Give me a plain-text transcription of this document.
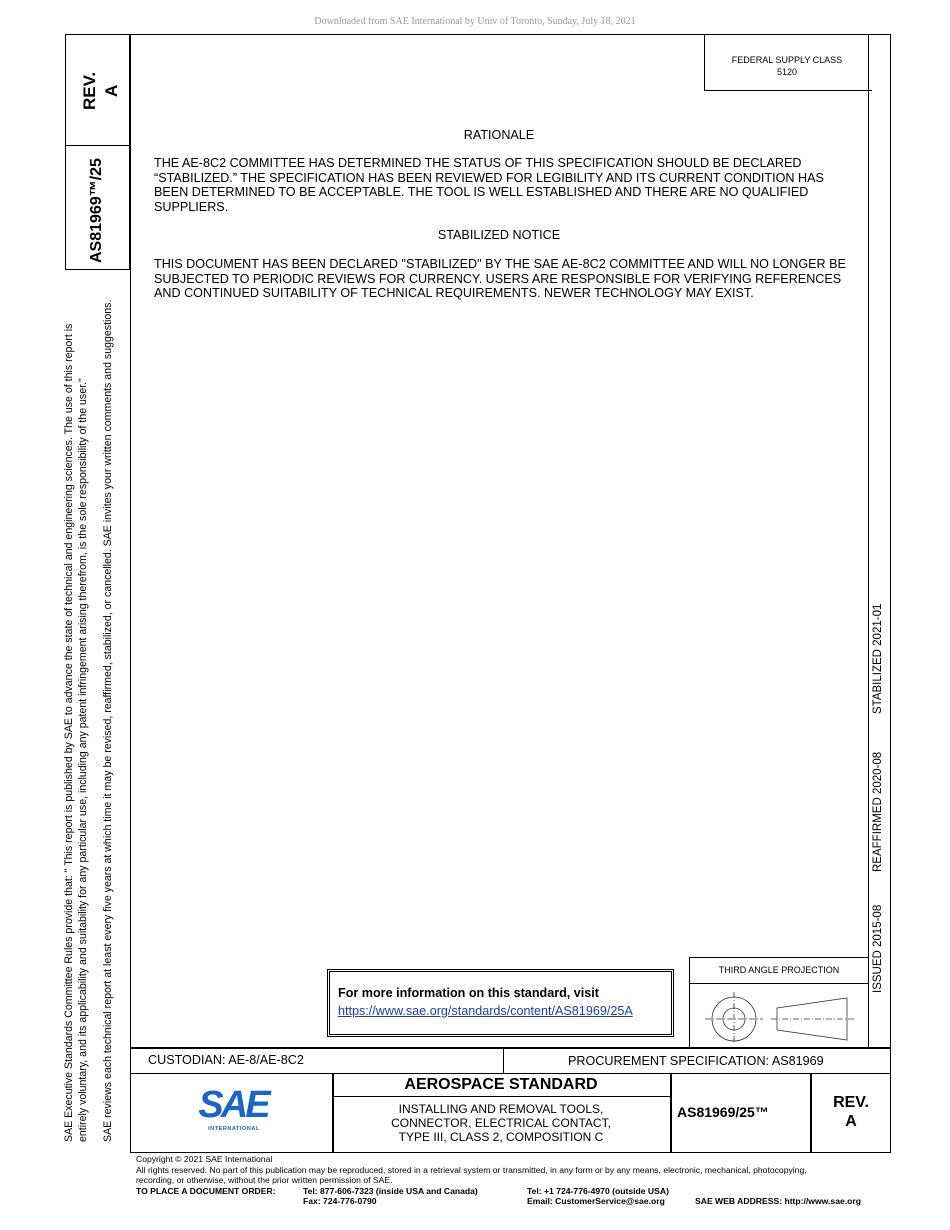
Downloaded from SAE International by Univ of Toronto, Sunday, July 18, 2021
REV. A
AS81969™/25
SAE Executive Standards Committee Rules provide that: " This report is published by SAE to advance the state of technical and engineering sciences. The use of this report is entirely voluntary, and its applicability and suitability for any particular use, including any patent infringement arising therefrom, is the sole responsibility of the user." SAE reviews each technical report at least every five years at which time it may be revised, reaffirmed, stabilized, or cancelled. SAE invites your written comments and suggestions.
FEDERAL SUPPLY CLASS
5120
ISSUED 2015-08
REAFFIRMED 2020-08
STABILIZED 2021-01
RATIONALE
THE AE-8C2 COMMITTEE HAS DETERMINED THE STATUS OF THIS SPECIFICATION SHOULD BE DECLARED
“STABILIZED.” THE SPECIFICATION HAS BEEN REVIEWED FOR LEGIBILITY AND ITS CURRENT CONDITION HAS
BEEN DETERMINED TO BE ACCEPTABLE. THE TOOL IS WELL ESTABLISHED AND THERE ARE NO QUALIFIED
SUPPLIERS.
STABILIZED NOTICE
THIS DOCUMENT HAS BEEN DECLARED "STABILIZED" BY THE SAE AE-8C2 COMMITTEE AND WILL NO LONGER BE
SUBJECTED TO PERIODIC REVIEWS FOR CURRENCY. USERS ARE RESPONSIBLE FOR VERIFYING REFERENCES
AND CONTINUED SUITABILITY OF TECHNICAL REQUIREMENTS. NEWER TECHNOLOGY MAY EXIST.
For more information on this standard, visit
https://www.sae.org/standards/content/AS81969/25A
THIRD ANGLE PROJECTION
CUSTODIAN: AE-8/AE-8C2	PROCUREMENT SPECIFICATION: AS81969
SAE
INTERNATIONAL
AEROSPACE STANDARD
INSTALLING AND REMOVAL TOOLS,
CONNECTOR, ELECTRICAL CONTACT,
TYPE III, CLASS 2, COMPOSITION C
AS81969/25™
REV.
A
Copyright © 2021 SAE International
All rights reserved. No part of this publication may be reproduced, stored in a retrieval system or transmitted, in any form or by any means, electronic, mechanical, photocopying,
recording, or otherwise, without the prior written permission of SAE.
TO PLACE A DOCUMENT ORDER:	Tel: 877-606-7323 (inside USA and Canada)
Fax: 724-776-0790
Tel: +1 724-776-4970 (outside USA)
Email: CustomerService@sae.org	SAE WEB ADDRESS: http://www.sae.org
